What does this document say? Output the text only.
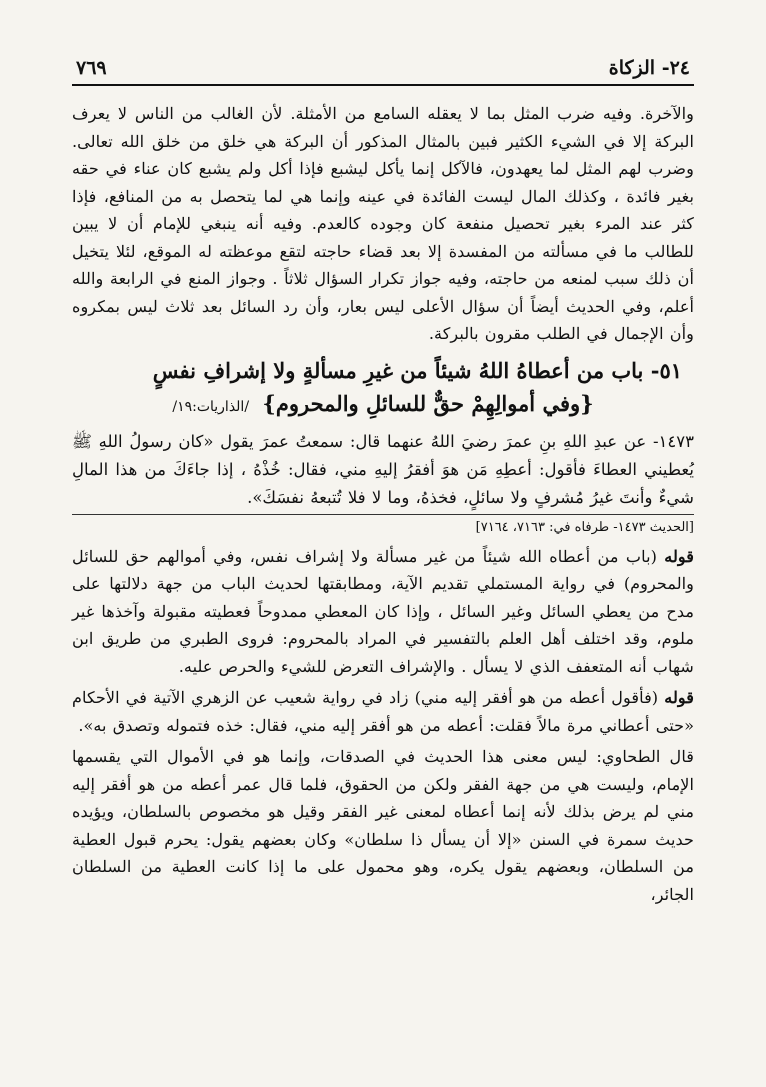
٢٤- الزكاة
٧٦٩

والآخرة. وفيه ضرب المثل بما لا يعقله السامع من الأمثلة. لأن الغالب من الناس لا يعرف البركة إلا في الشيء الكثير فبين بالمثال المذكور أن البركة هي خلق من خلق الله تعالى. وضرب لهم المثل لما يعهدون، فالآكل إنما يأكل ليشبع فإذا أكل ولم يشبع كان عناء في حقه بغير فائدة ، وكذلك المال ليست الفائدة في عينه وإنما هي لما يتحصل به من المنافع، فإذا كثر عند المرء بغير تحصيل منفعة كان وجوده كالعدم. وفيه أنه ينبغي للإمام أن لا يبين للطالب ما في مسألته من المفسدة إلا بعد قضاء حاجته لتقع موعظته له الموقع، لئلا يتخيل أن ذلك سبب لمنعه من حاجته، وفيه جواز تكرار السؤال ثلاثاً . وجواز المنع في الرابعة والله أعلم، وفي الحديث أيضاً أن سؤال الأعلى ليس بعار، وأن رد السائل بعد ثلاث ليس بمكروه وأن الإجمال في الطلب مقرون بالبركة.

٥١- باب من أعطاهُ اللهُ شيئاً من غيرِ مسألةٍ ولا إشرافِ نفسٍ
{وفي أموالِهِمْ حقٌّ للسائلِ والمحروم} /الذاريات:١٩/

١٤٧٣- عن عبدِ اللهِ بنِ عمرَ رضيَ اللهُ عنهما قال: سمعتُ عمرَ يقول «كان رسولُ اللهِ ﷺ يُعطيني العطاءَ فأقول: أعطِهِ مَن هوَ أفقرُ إليهِ مني، فقال: خُذْهُ ، إذا جاءَكَ من هذا المالِ شيءٌ وأنتَ غيرُ مُشرفٍ ولا سائلٍ، فخذهُ، وما لا فلا تُتبعهُ نفسَكَ».

[الحديث ١٤٧٣- طرفاه في: ٧١٦٣، ٧١٦٤]

قوله (باب من أعطاه الله شيئاً من غير مسألة ولا إشراف نفس، وفي أموالهم حق للسائل والمحروم) في رواية المستملي تقديم الآية، ومطابقتها لحديث الباب من جهة دلالتها على مدح من يعطي السائل وغير السائل ، وإذا كان المعطي ممدوحاً فعطيته مقبولة وآخذها غير ملوم، وقد اختلف أهل العلم بالتفسير في المراد بالمحروم: فروى الطبري من طريق ابن شهاب أنه المتعفف الذي لا يسأل . والإشراف التعرض للشيء والحرص عليه.

قوله (فأقول أعطه من هو أفقر إليه مني) زاد في رواية شعيب عن الزهري الآتية في الأحكام «حتى أعطاني مرة مالاً فقلت: أعطه من هو أفقر إليه مني، فقال: خذه فتموله وتصدق به».

قال الطحاوي: ليس معنى هذا الحديث في الصدقات، وإنما هو في الأموال التي يقسمها الإمام، وليست هي من جهة الفقر ولكن من الحقوق، فلما قال عمر أعطه من هو أفقر إليه مني لم يرض بذلك لأنه إنما أعطاه لمعنى غير الفقر وقيل هو مخصوص بالسلطان، ويؤيده حديث سمرة في السنن «إلا أن يسأل ذا سلطان» وكان بعضهم يقول: يحرم قبول العطية من السلطان، وبعضهم يقول يكره، وهو محمول على ما إذا كانت العطية من السلطان الجائر،
